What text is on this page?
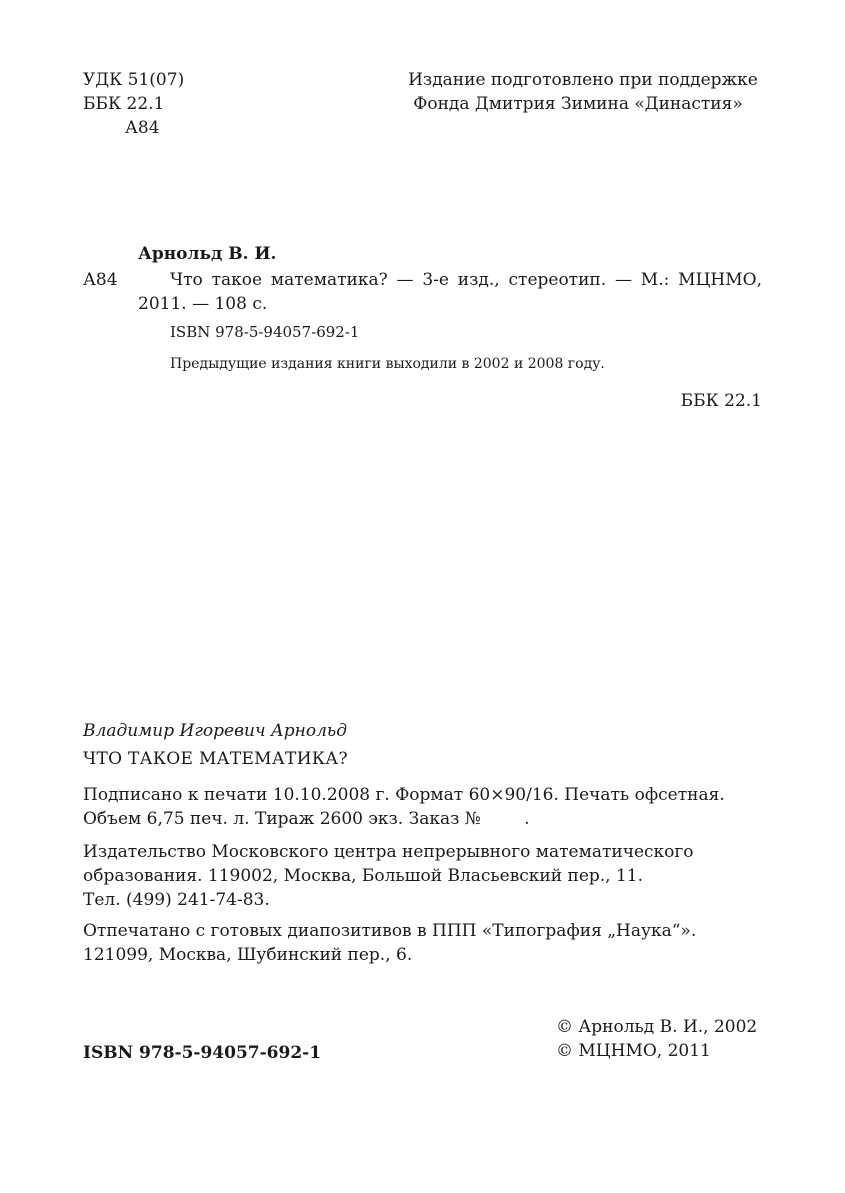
УДК 51(07)
ББК 22.1
А84
Издание подготовлено при поддержке
Фонда Дмитрия Зимина «Династия»
Арнольд В. И.
А84	Что такое математика? — 3-е изд., стереотип. — М.: МЦНМО,
2011. — 108 с.
ISBN 978-5-94057-692-1
Предыдущие издания книги выходили в 2002 и 2008 году.
ББК 22.1
Владимир Игоревич Арнольд
ЧТО ТАКОЕ МАТЕМАТИКА?
Подписано к печати 10.10.2008 г. Формат 60×90/16. Печать офсетная.
Объем 6,75 печ. л. Тираж 2600 экз. Заказ №        .
Издательство Московского центра непрерывного математического
образования. 119002, Москва, Большой Власьевский пер., 11.
Тел. (499) 241-74-83.
Отпечатано с готовых диапозитивов в ППП «Типография „Наука“».
121099, Москва, Шубинский пер., 6.
ISBN 978-5-94057-692-1
© Арнольд В. И., 2002
© МЦНМО, 2011
